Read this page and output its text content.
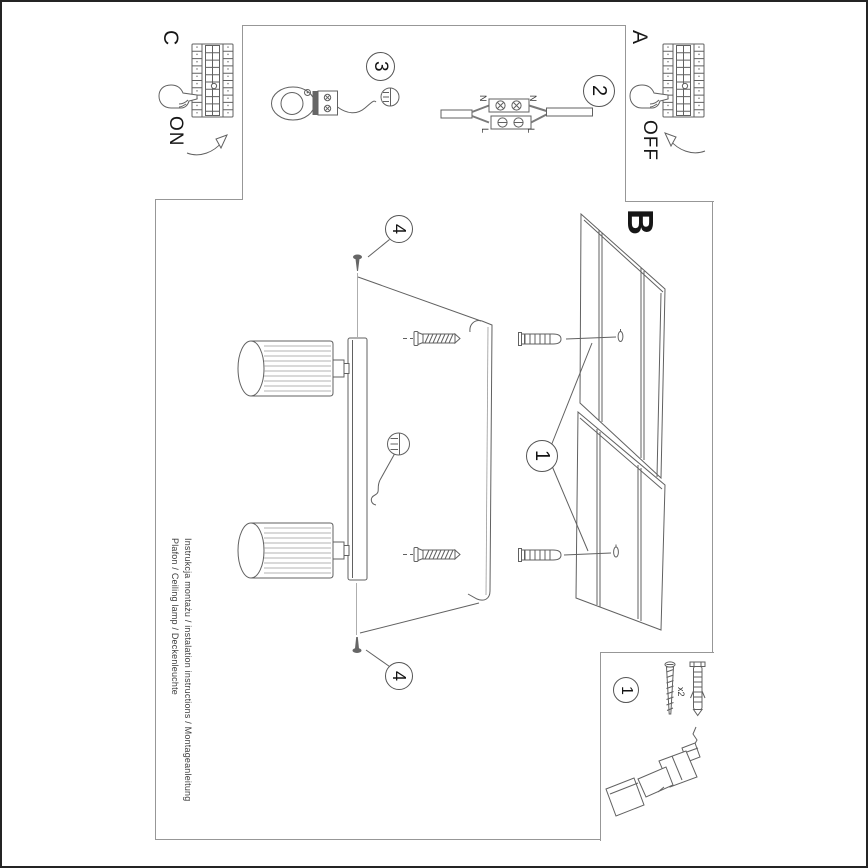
C
ON
A
OFF
B
N	N
L	L
Instrukcja montażu / instalation instructions / Montageanleitung
Plafon / Ceiling lamp / Deckenleuchte	x2
2
3
4
4
1
1
